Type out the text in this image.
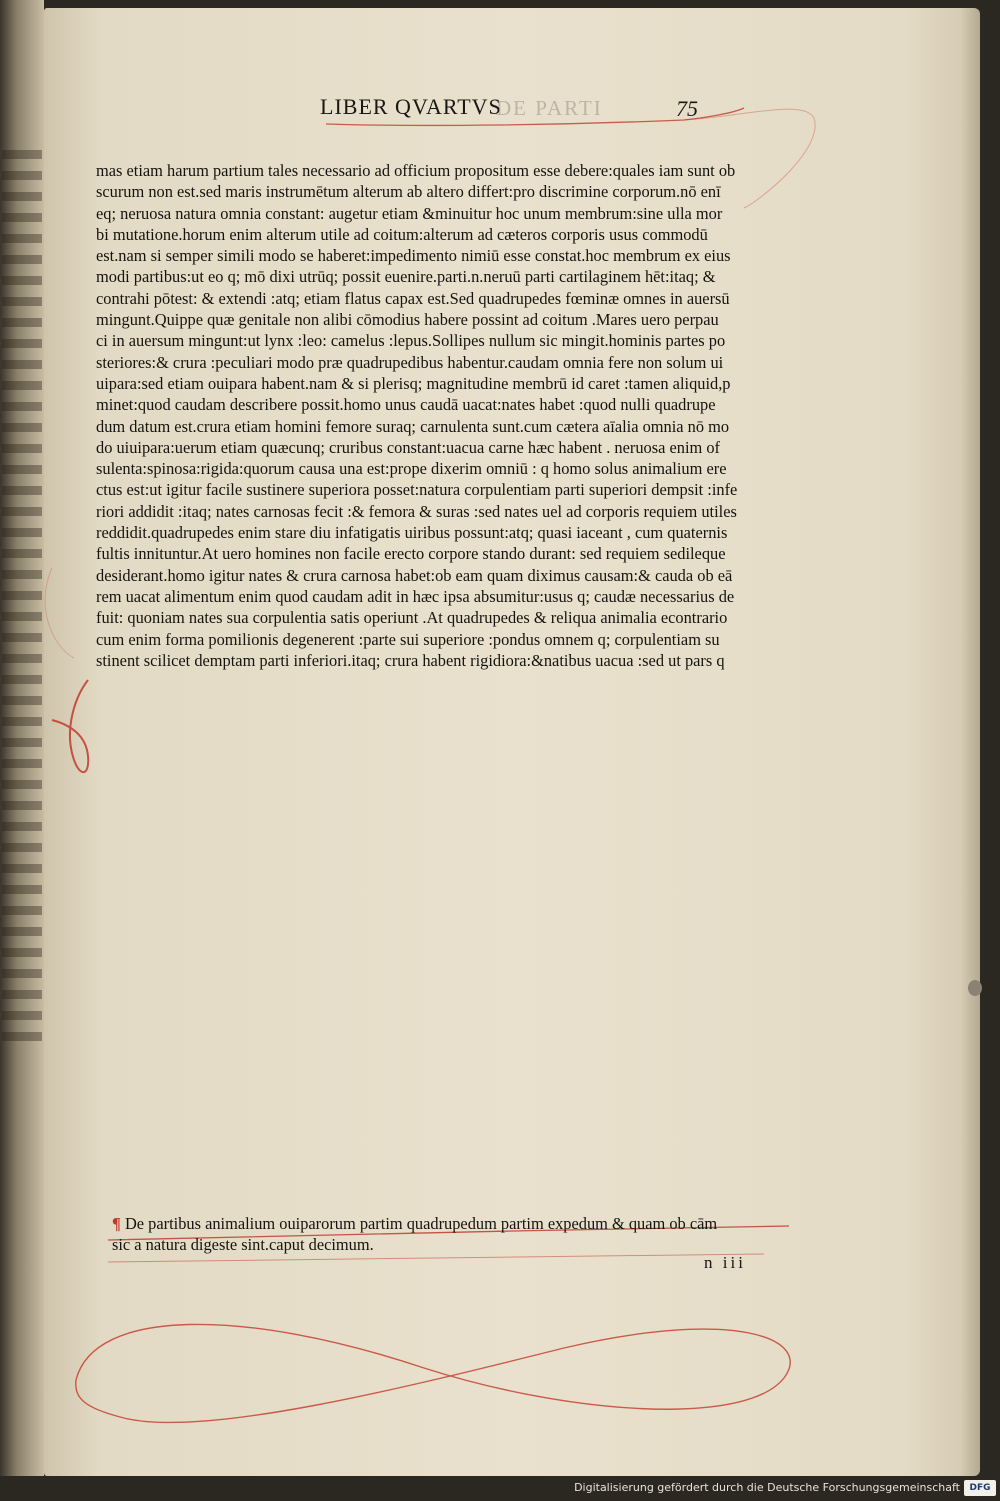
DE PARTI
LIBER QVARTVS	75
mas etiam harum partium tales necessario ad officium propositum esse debere:quales iam sunt ob
scurum non est.sed maris instrumētum alterum ab altero differt:pro discrimine corporum.nō enī
eq; neruosa natura omnia constant: augetur etiam &minuitur hoc unum membrum:sine ulla mor
bi mutatione.horum enim alterum utile ad coitum:alterum ad cæteros corporis usus commodū
est.nam si semper simili modo se haberet:impedimento nimiū esse constat.hoc membrum ex eius
modi partibus:ut eo q; mō dixi utrūq; possit euenire.parti.n.neruū parti cartilaginem hēt:itaq; &
contrahi pōtest: & extendi :atq; etiam flatus capax est.Sed quadrupedes fœminæ omnes in auersū
mingunt.Quippe quæ genitale non alibi cōmodius habere possint ad coitum .Mares uero perpau
ci in auersum mingunt:ut lynx :leo: camelus :lepus.Sollipes nullum sic mingit.hominis partes po
steriores:& crura :peculiari modo præ quadrupedibus habentur.caudam omnia fere non solum ui
uipara:sed etiam ouipara habent.nam & si plerisq; magnitudine membrū id caret :tamen aliquid,p
minet:quod caudam describere possit.homo unus caudā uacat:nates habet :quod nulli quadrupe
dum datum est.crura etiam homini femore suraq; carnulenta sunt.cum cætera aīalia omnia nō mo
do uiuipara:uerum etiam quæcunq; cruribus constant:uacua carne hæc habent . neruosa enim of
sulenta:spinosa:rigida:quorum causa una est:prope dixerim omniū : q homo solus animalium ere
ctus est:ut igitur facile sustinere superiora posset:natura corpulentiam parti superiori dempsit :infe
riori addidit :itaq; nates carnosas fecit :& femora & suras :sed nates uel ad corporis requiem utiles
reddidit.quadrupedes enim stare diu infatigatis uiribus possunt:atq; quasi iaceant , cum quaternis
fultis innituntur.At uero homines non facile erecto corpore stando durant: sed requiem sedileque
desiderant.homo igitur nates & crura carnosa habet:ob eam quam diximus causam:& cauda ob eā
rem uacat alimentum enim quod caudam adit in hæc ipsa absumitur:usus q; caudæ necessarius de
fuit: quoniam nates sua corpulentia satis operiunt .At quadrupedes & reliqua animalia econtrario
cum enim forma pomilionis degenerent :parte sui superiore :pondus omnem q; corpulentiam su
stinent scilicet demptam parti inferiori.itaq; crura habent rigidiora:&natibus uacua :sed ut pars q
¶ De partibus animalium ouiparorum partim quadrupedum partim expedum & quam ob cām
sic a natura digeste sint.caput decimum.
n iii
Digitalisierung gefördert durch die Deutsche Forschungsgemeinschaft	DFG
